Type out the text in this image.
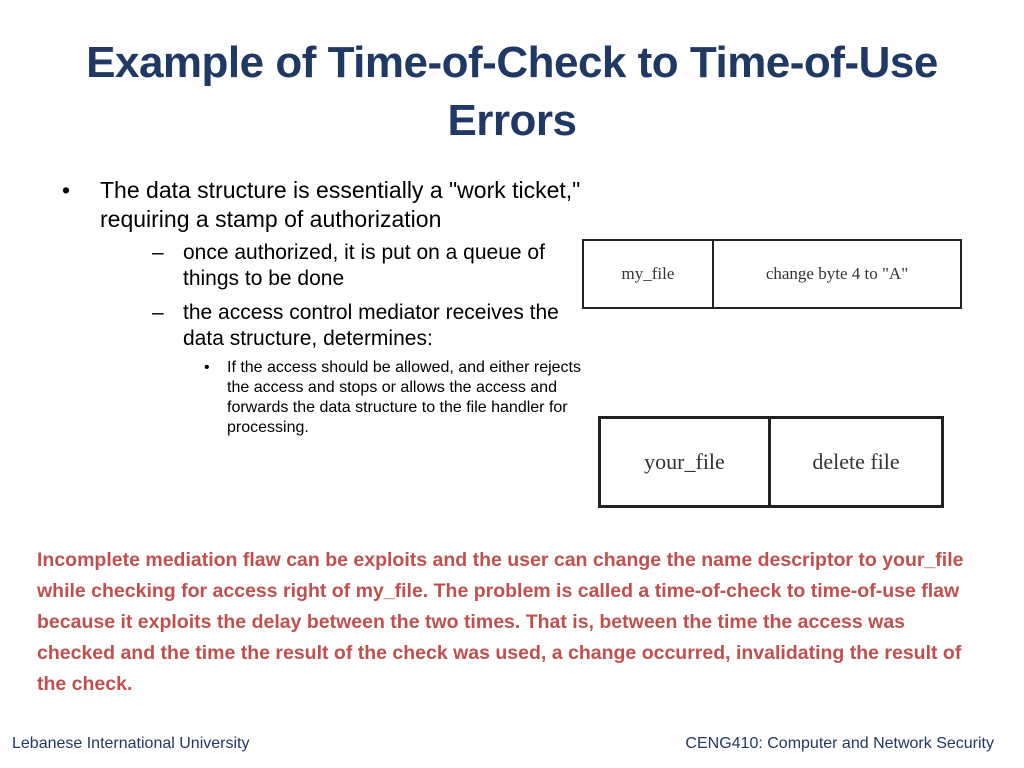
Example of Time-of-Check to Time-of-Use Errors
• The data structure is essentially a "work ticket," requiring a stamp of authorization
– once authorized, it is put on a queue of things to be done
– the access control mediator receives the data structure, determines:
• If the access should be allowed, and either rejects the access and stops or allows the access and forwards the data structure to the file handler for processing.
my_file	change byte 4 to "A"
your_file	delete file

Incomplete mediation flaw can be exploits and the user can change the name descriptor to your_file while checking for access right of my_file. The problem is called a time-of-check to time-of-use flaw because it exploits the delay between the two times. That is, between the time the access was checked and the time the result of the check was used, a change occurred, invalidating the result of the check.

Lebanese International University	CENG410: Computer and Network Security
